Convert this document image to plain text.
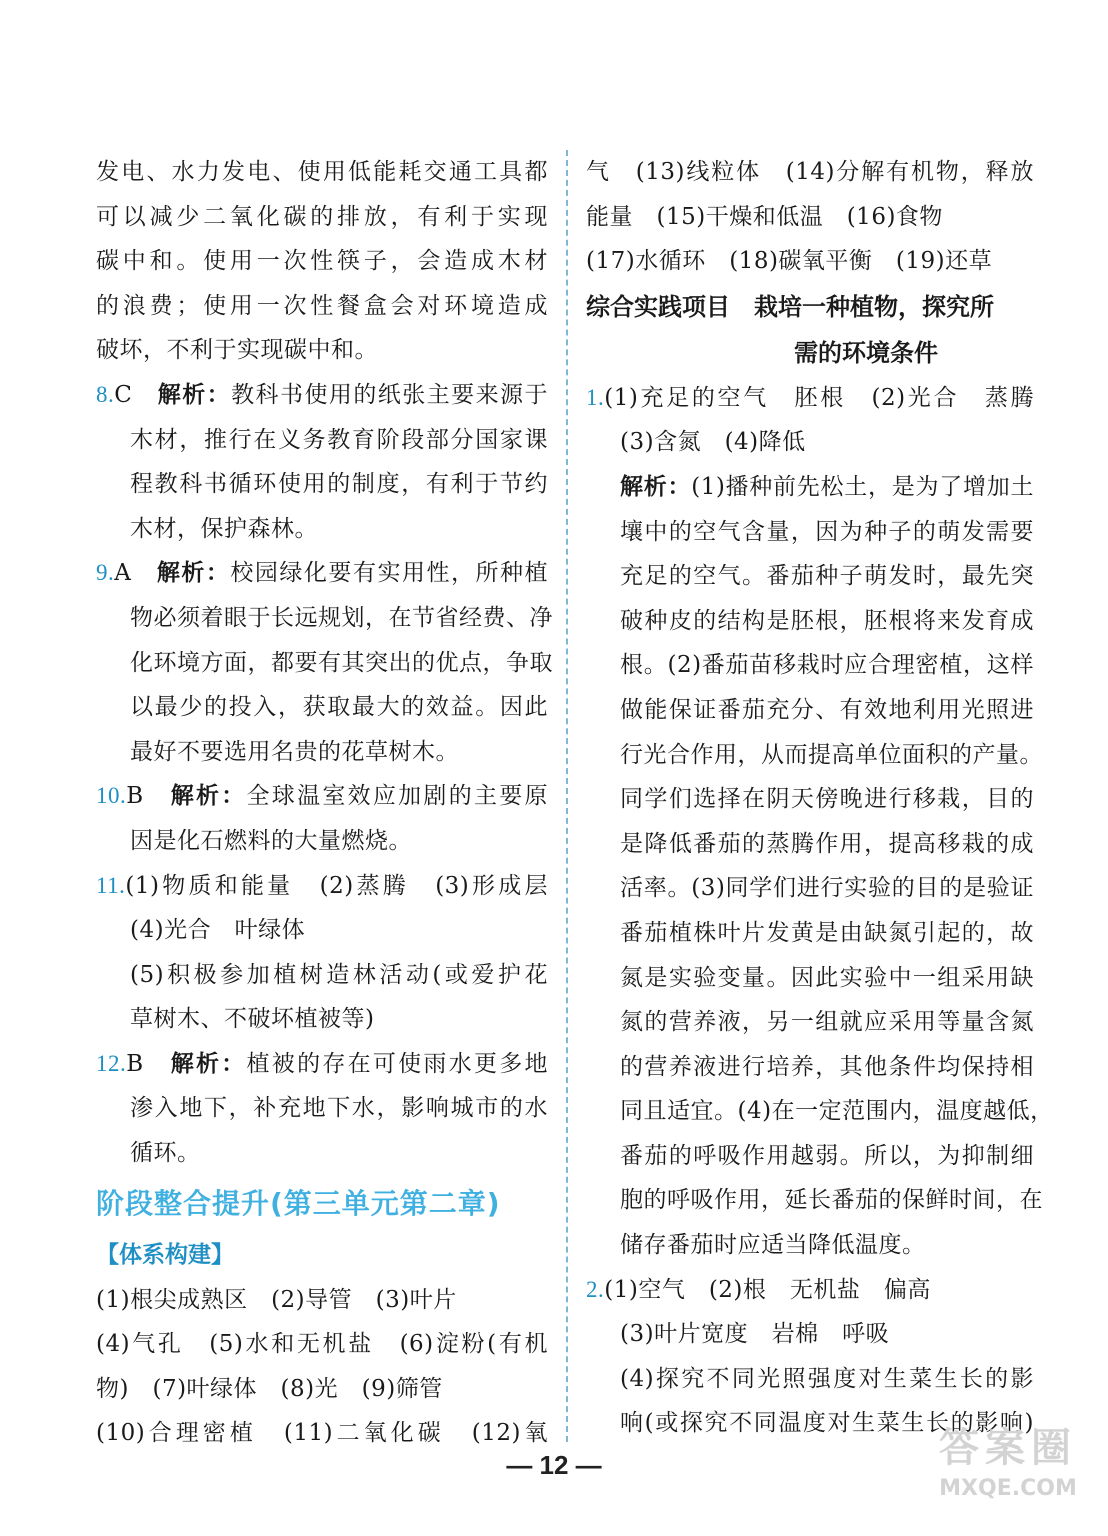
发电、水力发电、使用低能耗交通工具都
可以减少二氧化碳的排放，有利于实现
碳中和。使用一次性筷子，会造成木材
的浪费；使用一次性餐盒会对环境造成
破坏，不利于实现碳中和。
8.C　解析：教科书使用的纸张主要来源于
木材，推行在义务教育阶段部分国家课
程教科书循环使用的制度，有利于节约
木材，保护森林。
9.A　解析：校园绿化要有实用性，所种植
物必须着眼于长远规划，在节省经费、净
化环境方面，都要有其突出的优点，争取
以最少的投入，获取最大的效益。因此
最好不要选用名贵的花草树木。
10.B　解析：全球温室效应加剧的主要原
因是化石燃料的大量燃烧。
11.(1)物质和能量　(2)蒸腾　(3)形成层
(4)光合　叶绿体
(5)积极参加植树造林活动(或爱护花
草树木、不破坏植被等)
12.B　解析：植被的存在可使雨水更多地
渗入地下，补充地下水，影响城市的水
循环。
阶段整合提升(第三单元第二章)
【体系构建】
(1)根尖成熟区　(2)导管　(3)叶片
(4)气孔　(5)水和无机盐　(6)淀粉(有机
物)　(7)叶绿体　(8)光　(9)筛管
(10)合理密植　(11)二氧化碳　(12)氧
气　(13)线粒体　(14)分解有机物，释放
能量　(15)干燥和低温　(16)食物
(17)水循环　(18)碳氧平衡　(19)还草
综合实践项目　栽培一种植物，探究所
需的环境条件
1.(1)充足的空气　胚根　(2)光合　蒸腾
(3)含氮　(4)降低
解析：(1)播种前先松土，是为了增加土
壤中的空气含量，因为种子的萌发需要
充足的空气。番茄种子萌发时，最先突
破种皮的结构是胚根，胚根将来发育成
根。(2)番茄苗移栽时应合理密植，这样
做能保证番茄充分、有效地利用光照进
行光合作用，从而提高单位面积的产量。
同学们选择在阴天傍晚进行移栽，目的
是降低番茄的蒸腾作用，提高移栽的成
活率。(3)同学们进行实验的目的是验证
番茄植株叶片发黄是由缺氮引起的，故
氮是实验变量。因此实验中一组采用缺
氮的营养液，另一组就应采用等量含氮
的营养液进行培养，其他条件均保持相
同且适宜。(4)在一定范围内，温度越低，
番茄的呼吸作用越弱。所以，为抑制细
胞的呼吸作用，延长番茄的保鲜时间，在
储存番茄时应适当降低温度。
2.(1)空气　(2)根　无机盐　偏高
(3)叶片宽度　岩棉　呼吸
(4)探究不同光照强度对生菜生长的影
响(或探究不同温度对生菜生长的影响)
— 12 —	答案圈
MXQE.COM
